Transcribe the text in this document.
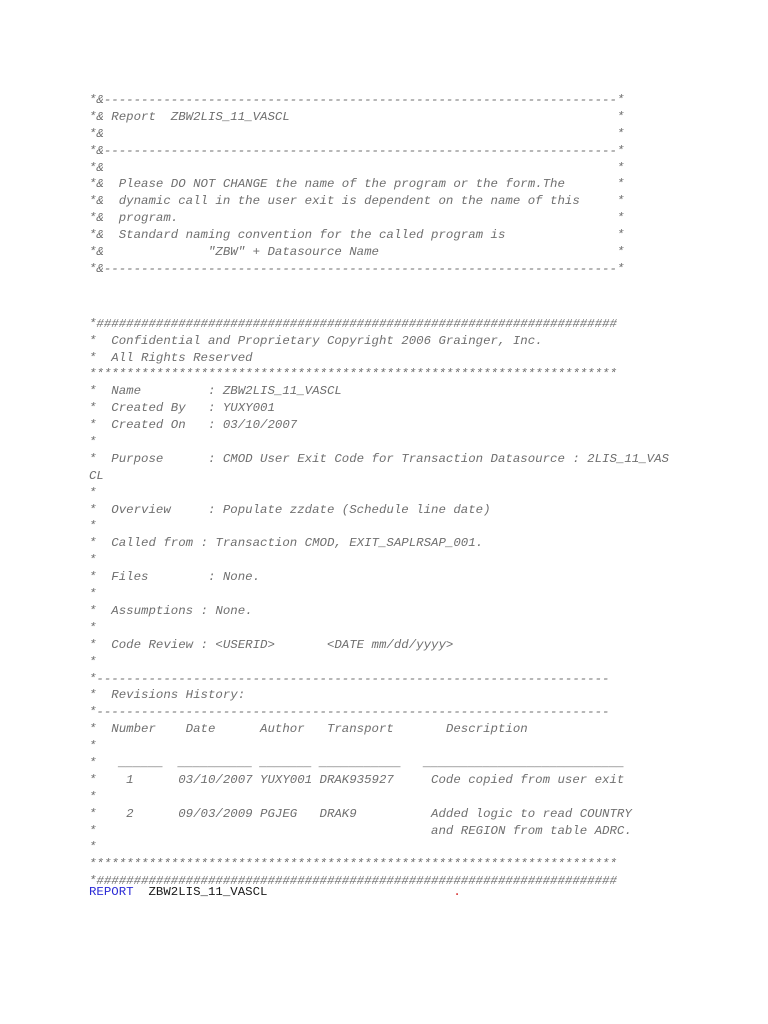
*&---------------------------------------------------------------------*
*& Report  ZBW2LIS_11_VASCL                                            *
*&                                                                     *
*&---------------------------------------------------------------------*
*&                                                                     *
*&  Please DO NOT CHANGE the name of the program or the form.The       *
*&  dynamic call in the user exit is dependent on the name of this     *
*&  program.                                                           *
*&  Standard naming convention for the called program is               *
*&              "ZBW" + Datasource Name                                *
*&---------------------------------------------------------------------*
*######################################################################
*  Confidential and Proprietary Copyright 2006 Grainger, Inc.
*  All Rights Reserved
***********************************************************************
*  Name         : ZBW2LIS_11_VASCL
*  Created By   : YUXY001
*  Created On   : 03/10/2007
*
*  Purpose      : CMOD User Exit Code for Transaction Datasource : 2LIS_11_VAS
CL
*
*  Overview     : Populate zzdate (Schedule line date)
*
*  Called from : Transaction CMOD, EXIT_SAPLRSAP_001.
*
*  Files        : None.
*
*  Assumptions : None.
*
*  Code Review : <USERID>       <DATE mm/dd/yyyy>
*
*---------------------------------------------------------------------
*  Revisions History:
*---------------------------------------------------------------------
*  Number    Date      Author   Transport       Description
*
*   ______  __________ _______ ___________   ___________________________
*    1      03/10/2007 YUXY001 DRAK935927     Code copied from user exit
*
*    2      09/03/2009 PGJEG   DRAK9          Added logic to read COUNTRY
*                                             and REGION from table ADRC.
*
***********************************************************************
*######################################################################
REPORT ZBW2LIS_11_VASCL	.
